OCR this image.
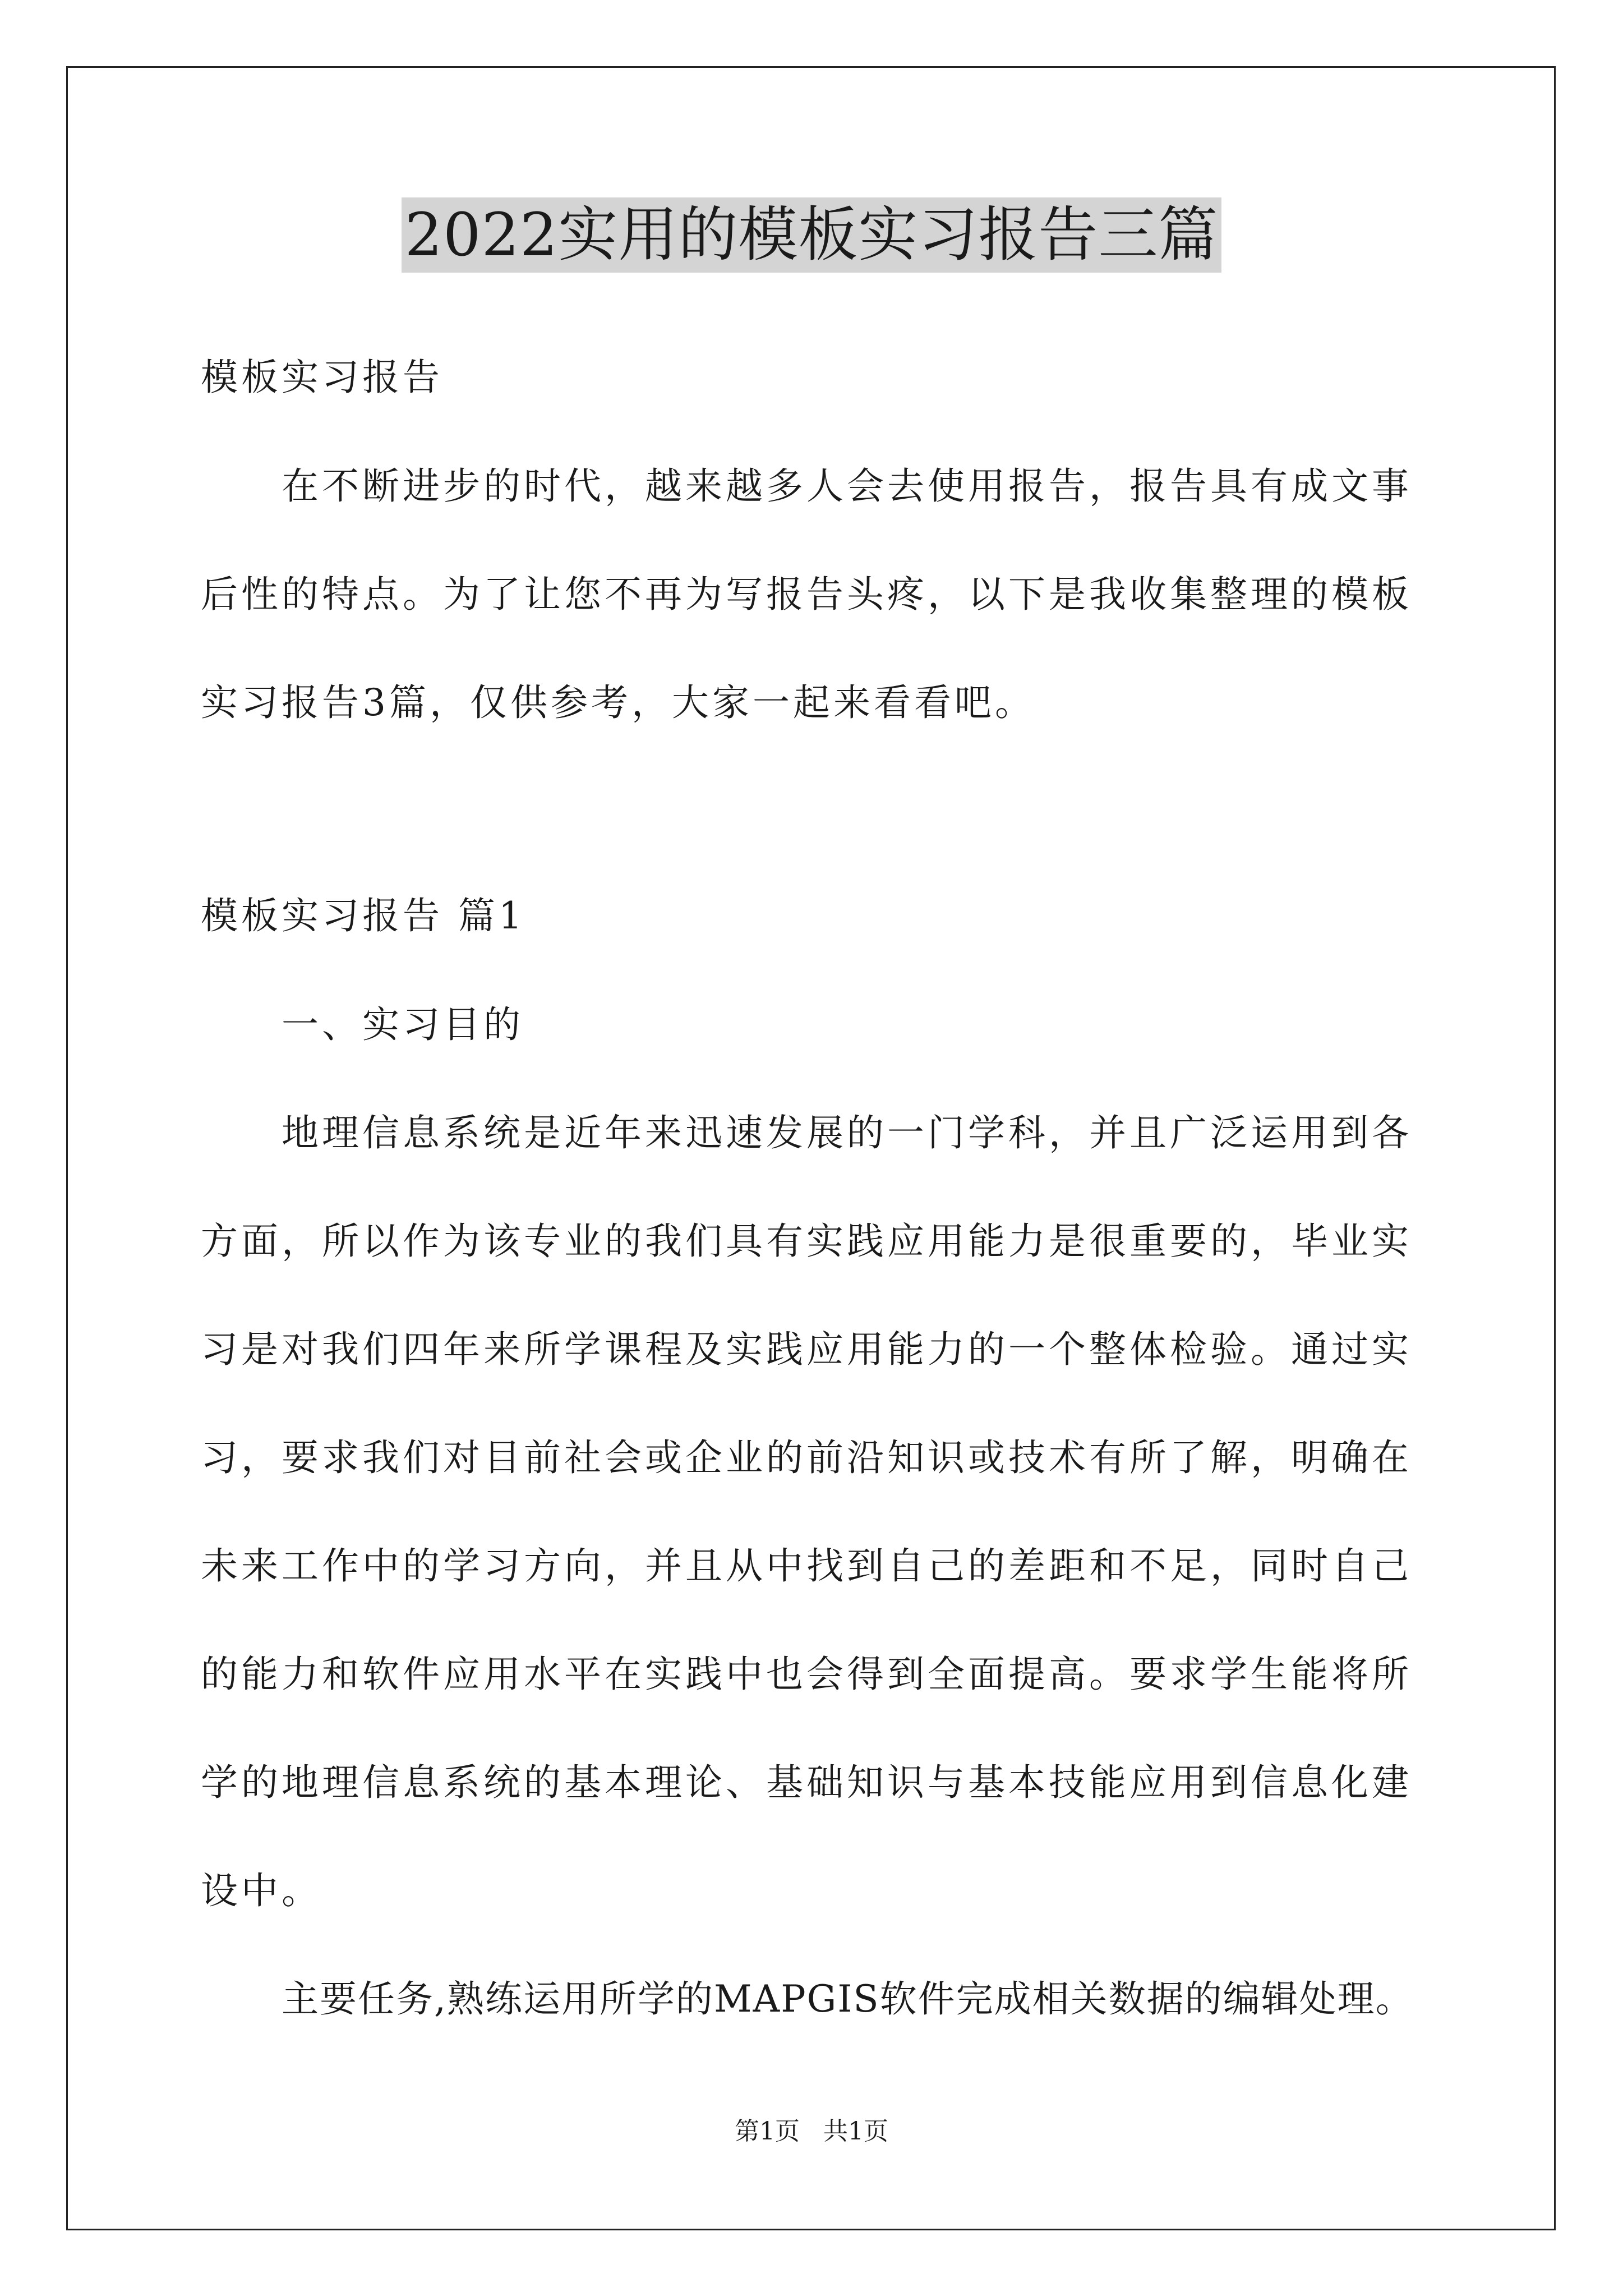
2022实用的模板实习报告三篇
模板实习报告
在不断进步的时代，越来越多人会去使用报告，报告具有成文事
后性的特点。为了让您不再为写报告头疼，以下是我收集整理的模板
实习报告3篇，仅供参考，大家一起来看看吧。
模板实习报告 篇1
一、实习目的
地理信息系统是近年来迅速发展的一门学科，并且广泛运用到各
方面，所以作为该专业的我们具有实践应用能力是很重要的，毕业实
习是对我们四年来所学课程及实践应用能力的一个整体检验。通过实
习，要求我们对目前社会或企业的前沿知识或技术有所了解，明确在
未来工作中的学习方向，并且从中找到自己的差距和不足，同时自己
的能力和软件应用水平在实践中也会得到全面提高。要求学生能将所
学的地理信息系统的基本理论、基础知识与基本技能应用到信息化建
设中。
主要任务,熟练运用所学的MAPGIS软件完成相关数据的编辑处理。
第1页   共1页
